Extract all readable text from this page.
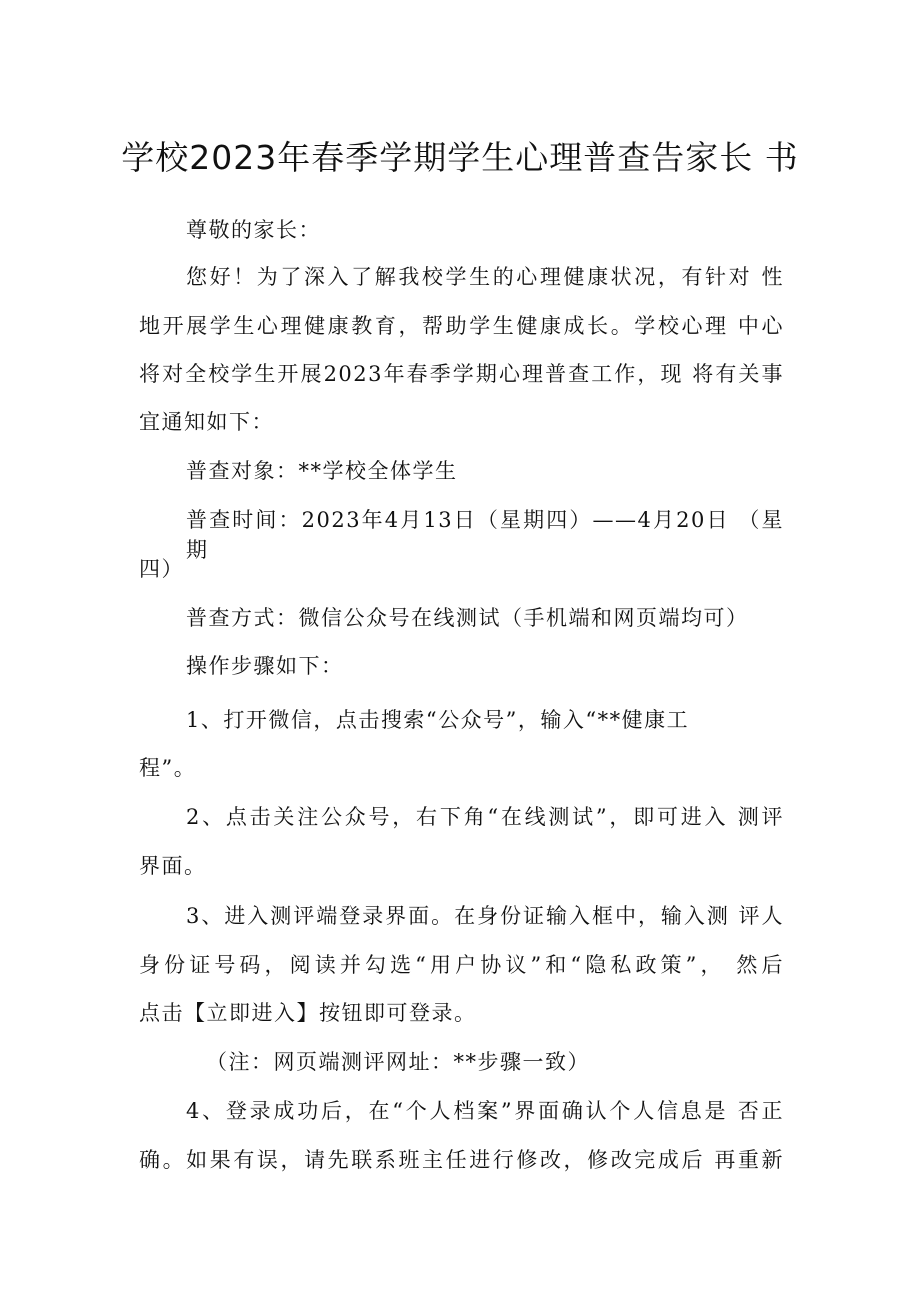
学校2023年春季学期学生心理普查告家长 书

尊敬的家长：

您好！为了深入了解我校学生的心理健康状况，有针对 性

地开展学生心理健康教育，帮助学生健康成长。学校心理 中心

将对全校学生开展2023年春季学期心理普查工作，现 将有关事

宜通知如下：

普查对象：**学校全体学生

普查时间：2023年4月13日（星期四）——4月20日 （星期

四）

普查方式：微信公众号在线测试（手机端和网页端均可）

操作步骤如下：

1、打开微信，点击搜索“公众号”，输入“**健康工

程”。

2、点击关注公众号，右下角“在线测试”，即可进入 测评

界面。

3、进入测评端登录界面。在身份证输入框中，输入测 评人

身份证号码，阅读并勾选“用户协议”和“隐私政策”， 然后

点击【立即进入】按钮即可登录。

（注：网页端测评网址：**步骤一致）

4、登录成功后，在“个人档案”界面确认个人信息是 否正

确。如果有误，请先联系班主任进行修改，修改完成后 再重新
